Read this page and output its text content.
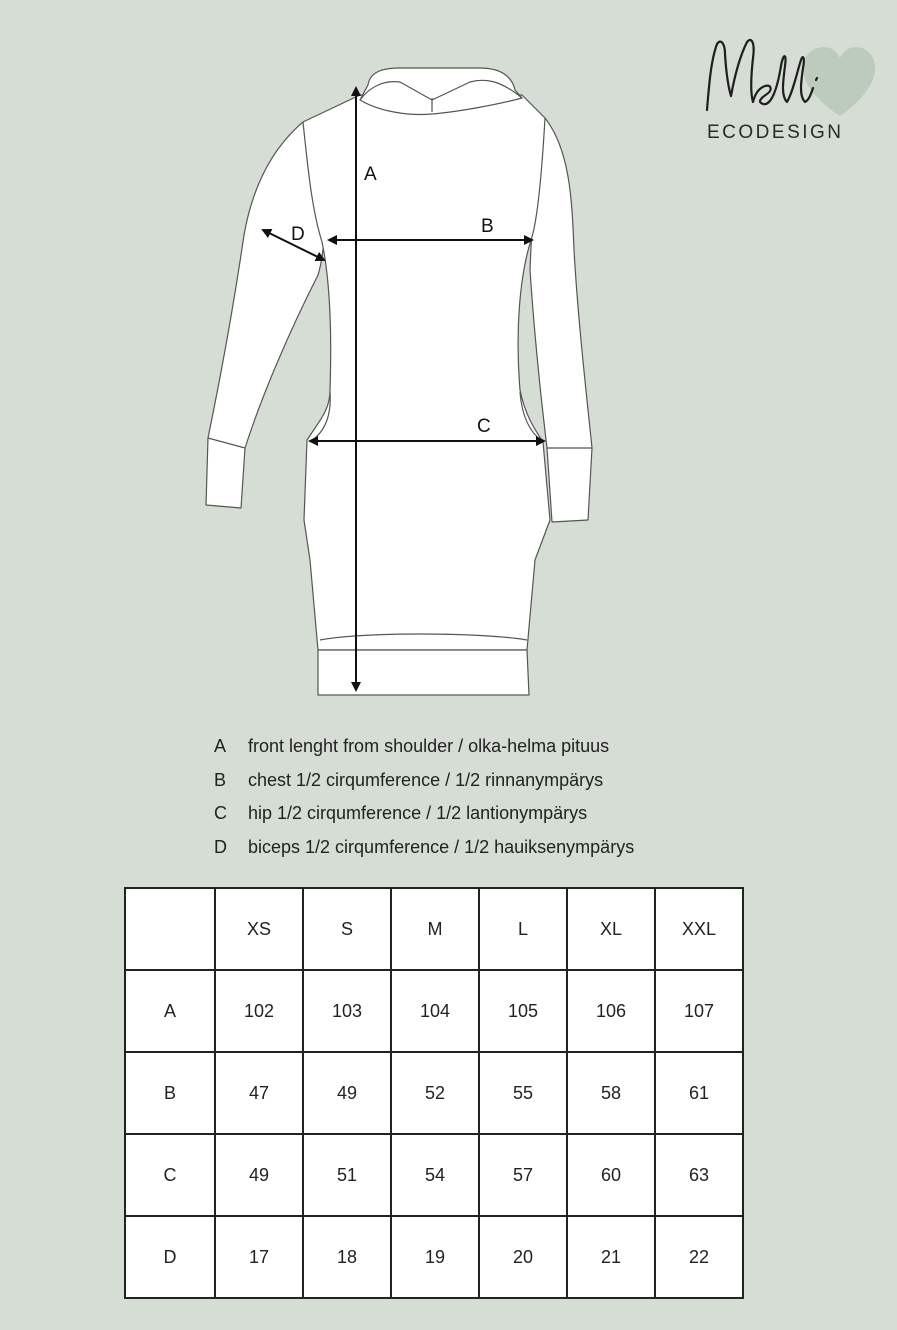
ECODESIGN
A
B
C
D
A	front lenght from shoulder / olka-helma pituus
B	chest 1/2 cirqumference / 1/2 rinnanympärys
C	hip 1/2 cirqumference / 1/2 lantionympärys
D	biceps 1/2 cirqumference / 1/2 hauiksenympärys
	XS	S	M	L	XL	XXL
A	102	103	104	105	106	107
B	47	49	52	55	58	61
C	49	51	54	57	60	63
D	17	18	19	20	21	22
